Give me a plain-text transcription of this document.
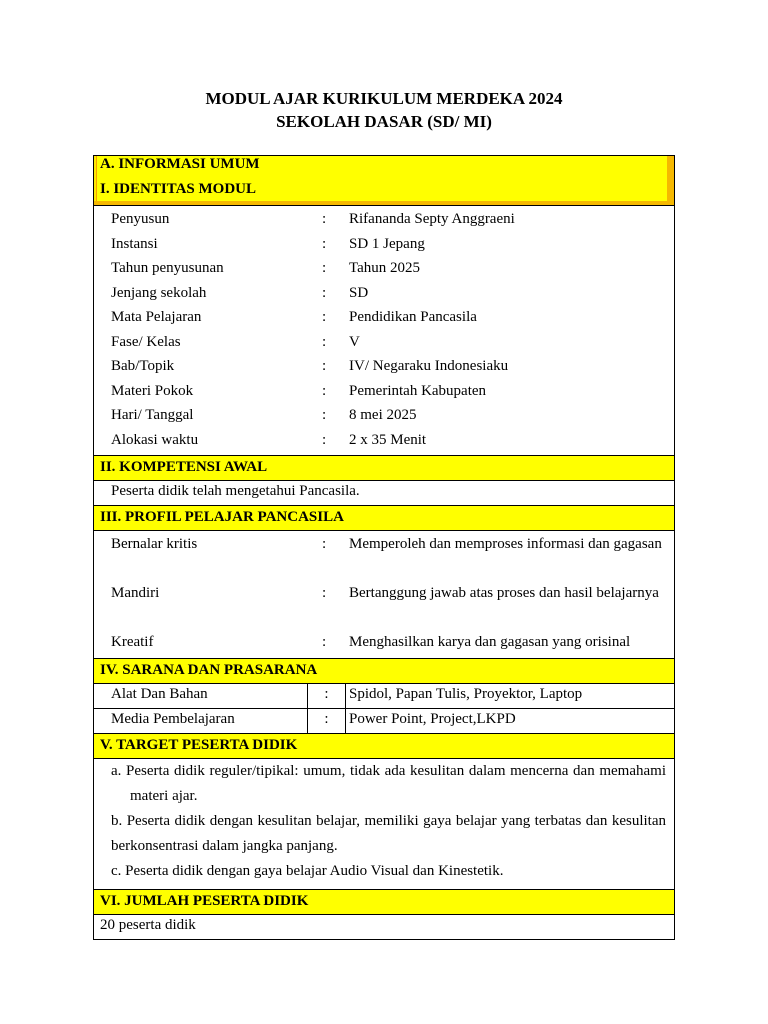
MODUL AJAR KURIKULUM MERDEKA 2024
SEKOLAH DASAR (SD/ MI)
A. INFORMASI UMUM
I. IDENTITAS MODUL
Penyusun	: Rifananda Septy Anggraeni
Instansi	: SD 1 Jepang
Tahun penyusunan	: Tahun 2025
Jenjang sekolah	: SD
Mata Pelajaran	: Pendidikan Pancasila
Fase/ Kelas	: V
Bab/Topik	: IV/ Negaraku Indonesiaku
Materi Pokok	: Pemerintah Kabupaten
Hari/ Tanggal	: 8 mei 2025
Alokasi waktu	: 2 x 35 Menit
II. KOMPETENSI AWAL
Peserta didik telah mengetahui Pancasila.
III. PROFIL PELAJAR PANCASILA
Bernalar kritis	: Memperoleh dan memproses informasi dan gagasan
Mandiri	: Bertanggung jawab atas proses dan hasil belajarnya
Kreatif	: Menghasilkan karya dan gagasan yang orisinal
IV. SARANA DAN PRASARANA
Alat Dan Bahan	:	Spidol, Papan Tulis, Proyektor, Laptop
Media Pembelajaran	:	Power Point, Project,LKPD
V. TARGET PESERTA DIDIK

a. Peserta didik reguler/tipikal: umum, tidak ada kesulitan dalam mencerna dan memahami materi ajar.

b. Peserta didik dengan kesulitan belajar, memiliki gaya belajar yang terbatas dan kesulitan berkonsentrasi dalam jangka panjang.

c. Peserta didik dengan gaya belajar Audio Visual dan Kinestetik.

VI. JUMLAH PESERTA DIDIK
20 peserta didik
